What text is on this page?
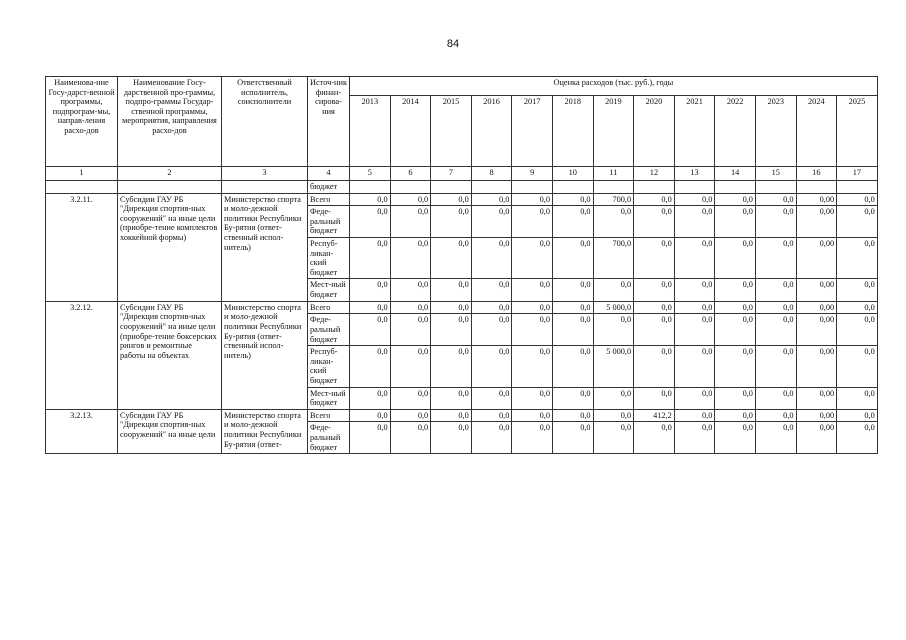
84
Наименова-ние Госу-дарст-венной программы, подпрограм-мы, направ-ления расхо-дов	Наименование Госу-дарственной про-граммы, подпро-граммы Государ-ственной программы, мероприятия, направления расхо-дов	Ответственный исполнитель, соисполнители	Источ-ник финан-сирова-ния	Оценка расходов (тыс. руб.), годы												
				2013	2014	2015	2016	2017	2018	2019	2020	2021	2022	2023	2024	2025
1	2	3	4	5	6	7	8	9	10	11	12	13	14	15	16	17
			бюджет													
3.2.11.	Субсидии ГАУ РБ "Дирекция спортив-ных сооружений" на иные цели (приобре-тение комплектов хоккейной формы)	Министерство спорта и моло-дежной политики Республики Бу-рятия (ответ-ственный испол-нитель)	Всего	0,0	0,0	0,0	0,0	0,0	0,0	700,0	0,0	0,0	0,0	0,0	0,00	0,0
			Феде-ральный бюджет	0,0	0,0	0,0	0,0	0,0	0,0	0,0	0,0	0,0	0,0	0,0	0,00	0,0
			Респуб-ликан-ский бюджет	0,0	0,0	0,0	0,0	0,0	0,0	700,0	0,0	0,0	0,0	0,0	0,00	0,0
			Мест-ный бюджет	0,0	0,0	0,0	0,0	0,0	0,0	0,0	0,0	0,0	0,0	0,0	0,00	0,0
3.2.12.	Субсидии ГАУ РБ "Дирекция спортив-ных сооружений" на иные цели (приобре-тение боксерских рингов и ремонтные работы на объектах	Министерство спорта и моло-дежной политики Республики Бу-рятия (ответ-ственный испол-нитель)	Всего	0,0	0,0	0,0	0,0	0,0	0,0	5 000,0	0,0	0,0	0,0	0,0	0,00	0,0
			Феде-ральный бюджет	0,0	0,0	0,0	0,0	0,0	0,0	0,0	0,0	0,0	0,0	0,0	0,00	0,0
			Респуб-ликан-ский бюджет	0,0	0,0	0,0	0,0	0,0	0,0	5 000,0	0,0	0,0	0,0	0,0	0,00	0,0
			Мест-ный бюджет	0,0	0,0	0,0	0,0	0,0	0,0	0,0	0,0	0,0	0,0	0,0	0,00	0,0
3.2.13.	Субсидии ГАУ РБ "Дирекция спортив-ных сооружений" на иные цели	Министерство спорта и моло-дежной политики Республики Бу-рятия (ответ-	Всего	0,0	0,0	0,0	0,0	0,0	0,0	0,0	412,2	0,0	0,0	0,0	0,00	0,0
			Феде-ральный бюджет	0,0	0,0	0,0	0,0	0,0	0,0	0,0	0,0	0,0	0,0	0,0	0,00	0,0
